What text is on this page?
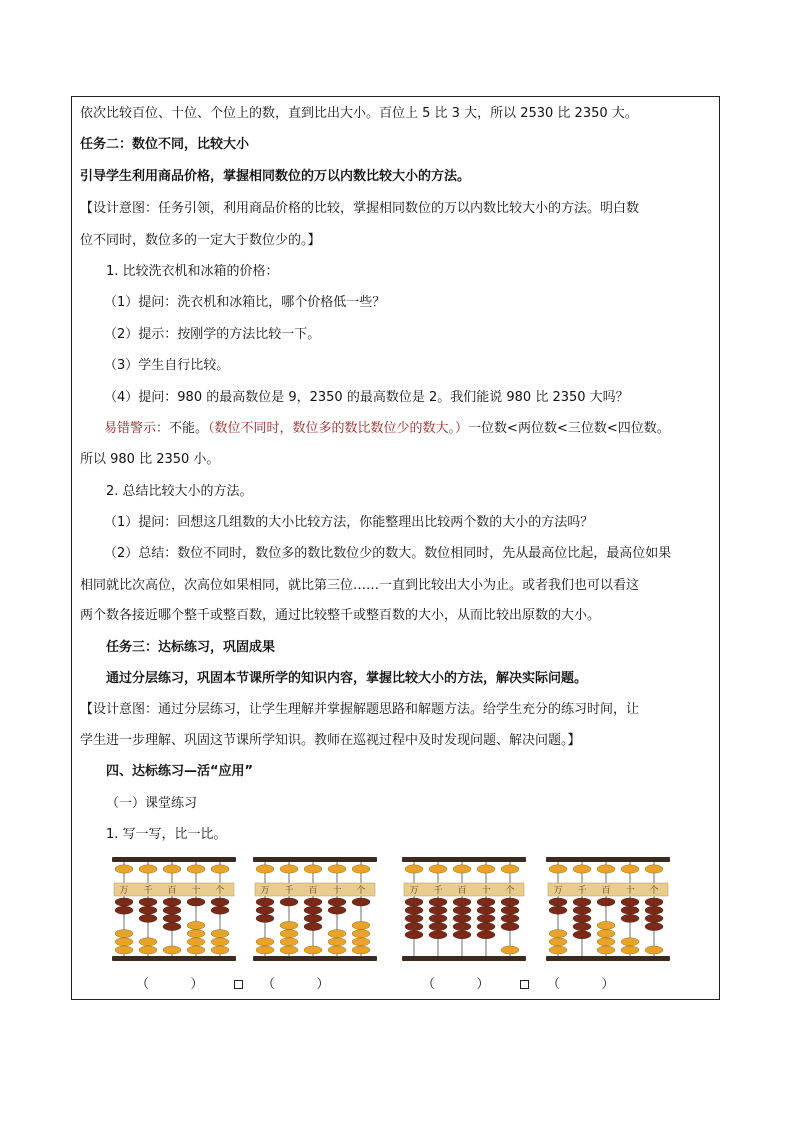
依次比较百位、十位、个位上的数，直到比出大小。百位上 5 比 3 大，所以 2530 比 2350 大。
任务二：数位不同，比较大小
引导学生利用商品价格，掌握相同数位的万以内数比较大小的方法。
【设计意图：任务引领，利用商品价格的比较，掌握相同数位的万以内数比较大小的方法。明白数
位不同时，数位多的一定大于数位少的。】
1. 比较洗衣机和冰箱的价格：
（1）提问：洗衣机和冰箱比，哪个价格低一些？
（2）提示：按刚学的方法比较一下。
（3）学生自行比较。
（4）提问：980 的最高数位是 9，2350 的最高数位是 2。我们能说 980 比 2350 大吗？
易错警示：不能。（数位不同时，数位多的数比数位少的数大。）一位数<两位数<三位数<四位数。
所以 980 比 2350 小。
2. 总结比较大小的方法。
（1）提问：回想这几组数的大小比较方法，你能整理出比较两个数的大小的方法吗？
（2）总结：数位不同时，数位多的数比数位少的数大。数位相同时，先从最高位比起，最高位如果
相同就比次高位，次高位如果相同，就比第三位……一直到比较出大小为止。或者我们也可以看这
两个数各接近哪个整千或整百数，通过比较整千或整百数的大小，从而比较出原数的大小。
任务三：达标练习，巩固成果
通过分层练习，巩固本节课所学的知识内容，掌握比较大小的方法，解决实际问题。
【设计意图：通过分层练习，让学生理解并掌握解题思路和解题方法。给学生充分的练习时间，让
学生进一步理解、巩固这节课所学知识。教师在巡视过程中及时发现问题、解决问题。】
四、达标练习—活“应用”
（一）课堂练习
1. 写一写，比一比。
万 千 百 十 个	万 千 百 十 个	万 千 百 十 个	万 千 百 十 个
（          ）	（          ）	（          ）	（          ）
